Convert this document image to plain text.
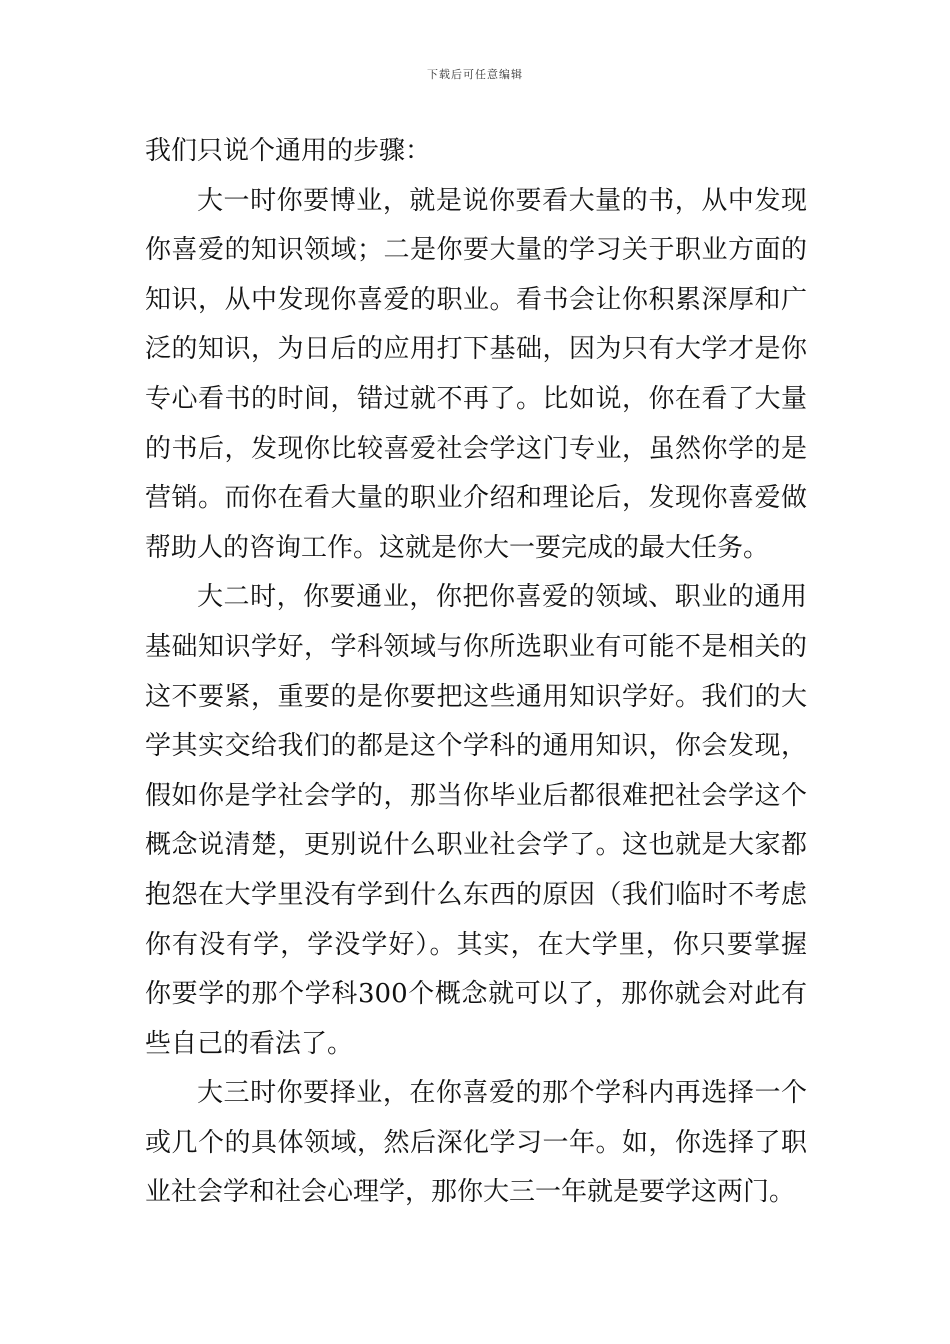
下载后可任意编辑

我们只说个通用的步骤：

大一时你要博业，就是说你要看大量的书，从中发现你喜爱的知识领域；二是你要大量的学习关于职业方面的知识，从中发现你喜爱的职业。看书会让你积累深厚和广泛的知识，为日后的应用打下基础，因为只有大学才是你专心看书的时间，错过就不再了。比如说，你在看了大量的书后，发现你比较喜爱社会学这门专业，虽然你学的是营销。而你在看大量的职业介绍和理论后，发现你喜爱做帮助人的咨询工作。这就是你大一要完成的最大任务。

大二时，你要通业，你把你喜爱的领域、职业的通用基础知识学好，学科领域与你所选职业有可能不是相关的这不要紧，重要的是你要把这些通用知识学好。我们的大学其实交给我们的都是这个学科的通用知识，你会发现，假如你是学社会学的，那当你毕业后都很难把社会学这个概念说清楚，更别说什么职业社会学了。这也就是大家都抱怨在大学里没有学到什么东西的原因（我们临时不考虑你有没有学，学没学好）。其实，在大学里，你只要掌握你要学的那个学科300个概念就可以了，那你就会对此有些自己的看法了。

大三时你要择业，在你喜爱的那个学科内再选择一个或几个的具体领域，然后深化学习一年。如，你选择了职业社会学和社会心理学，那你大三一年就是要学这两门。
